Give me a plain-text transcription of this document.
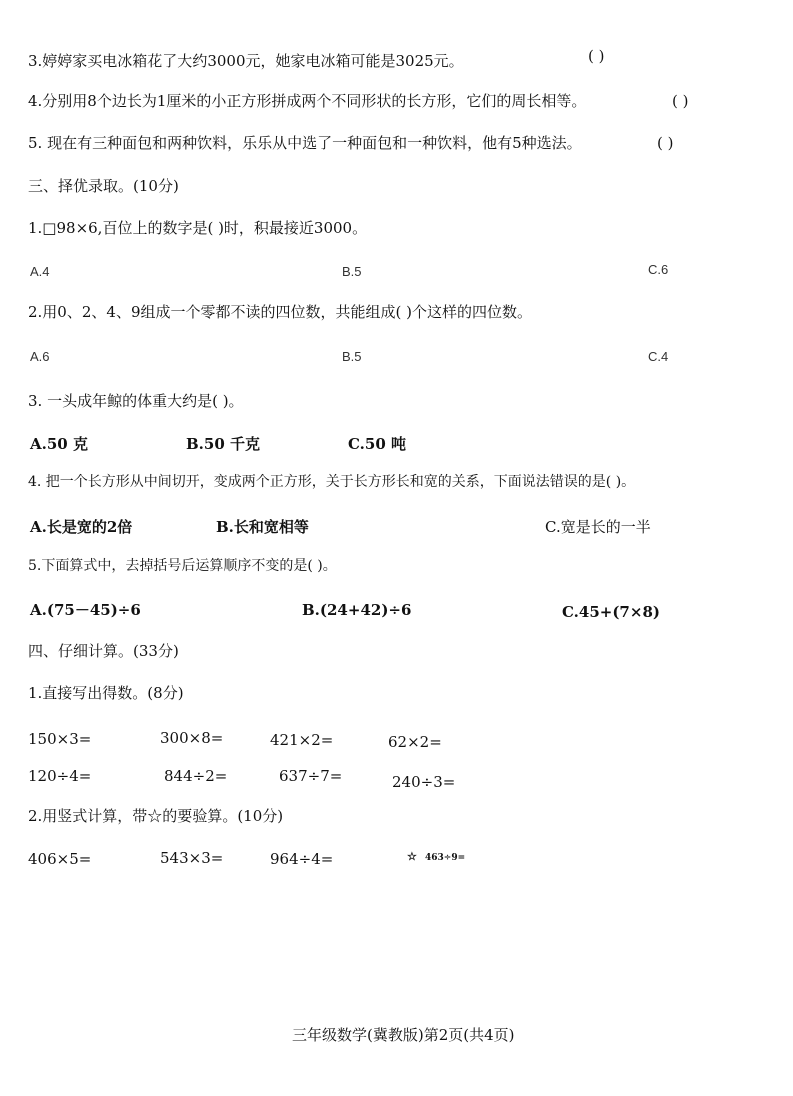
3.婷婷家买电冰箱花了大约3000元，她家电冰箱可能是3025元。	( )
4.分别用8个边长为1厘米的小正方形拼成两个不同形状的长方形，它们的周长相等。	( )
5. 现在有三种面包和两种饮料，乐乐从中选了一种面包和一种饮料，他有5种选法。	( )
三、择优录取。(10分)
1.□98×6,百位上的数字是( )时，积最接近3000。
A.4	B.5	C.6
2.用0、2、4、9组成一个零都不读的四位数，共能组成( )个这样的四位数。
A.6	B.5	C.4
3. 一头成年鲸的体重大约是( )。
A.50 克	B.50 千克	C.50 吨
4. 把一个长方形从中间切开，变成两个正方形，关于长方形长和宽的关系，下面说法错误的是( )。
A.长是宽的2倍	B.长和宽相等	C.宽是长的一半
5.下面算式中，去掉括号后运算顺序不变的是( )。
A.(75－45)÷6	B.(24+42)÷6	C.45+(7×8)
四、仔细计算。(33分)
1.直接写出得数。(8分)
150×3=	300×8=	421×2=	62×2=
120÷4=	844÷2=	637÷7=	240÷3=
2.用竖式计算，带☆的要验算。(10分)
406×5=	543×3=	964÷4=	☆ 463÷9=
三年级数学(冀教版)第2页(共4页)
